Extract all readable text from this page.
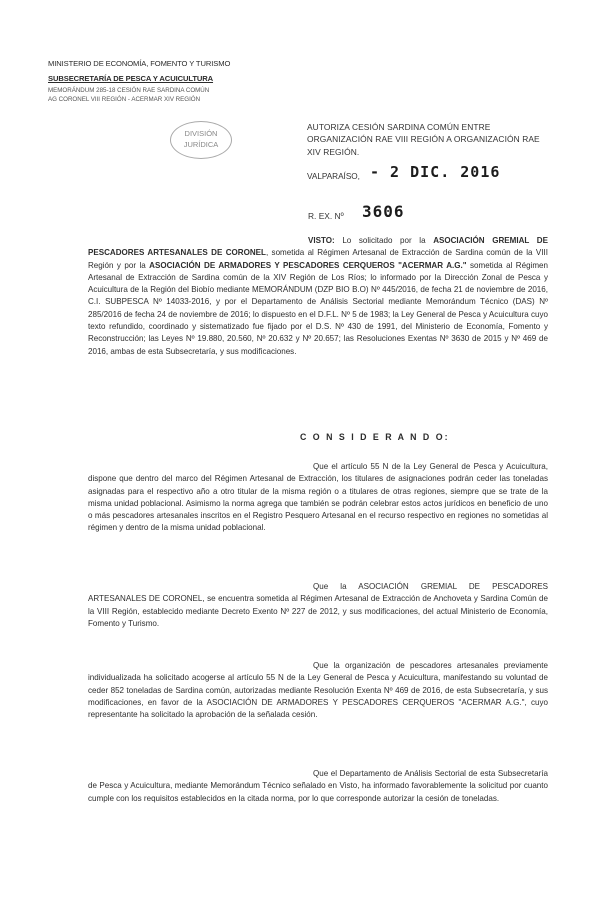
MINISTERIO DE ECONOMÍA, FOMENTO Y TURISMO
SUBSECRETARÍA DE PESCA Y ACUICULTURA
MEMORÁNDUM 285-18 CESIÓN RAE SARDINA COMÚN
AG CORONEL VIII REGIÓN - ACERMAR XIV REGIÓN
DIVISIÓN
JURÍDICA
AUTORIZA CESIÓN SARDINA COMÚN ENTRE ORGANIZACIÓN RAE VIII REGIÓN A ORGANIZACIÓN RAE XIV REGIÓN.
VALPARAÍSO, - 2 DIC. 2016
R. EX. Nº 3606
VISTO: Lo solicitado por la ASOCIACIÓN GREMIAL DE PESCADORES ARTESANALES DE CORONEL, sometida al Régimen Artesanal de Extracción de Sardina común de la VIII Región y por la ASOCIACIÓN DE ARMADORES Y PESCADORES CERQUEROS "ACERMAR A.G." sometida al Régimen Artesanal de Extracción de Sardina común de la XIV Región de Los Ríos; lo informado por la Dirección Zonal de Pesca y Acuicultura de la Región del Biobío mediante MEMORÁNDUM (DZP BIO B.O) Nº 445/2016, de fecha 21 de noviembre de 2016, C.I. SUBPESCA Nº 14033-2016, y por el Departamento de Análisis Sectorial mediante Memorándum Técnico (DAS) Nº 285/2016 de fecha 24 de noviembre de 2016; lo dispuesto en el D.F.L. Nº 5 de 1983; la Ley General de Pesca y Acuicultura cuyo texto refundido, coordinado y sistematizado fue fijado por el D.S. Nº 430 de 1991, del Ministerio de Economía, Fomento y Reconstrucción; las Leyes Nº 19.880, 20.560, Nº 20.632 y Nº 20.657; las Resoluciones Exentas Nº 3630 de 2015 y Nº 469 de 2016, ambas de esta Subsecretaría, y sus modificaciones.
C O N S I D E R A N D O:
Que el artículo 55 N de la Ley General de Pesca y Acuicultura, dispone que dentro del marco del Régimen Artesanal de Extracción, los titulares de asignaciones podrán ceder las toneladas asignadas para el respectivo año a otro titular de la misma región o a titulares de otras regiones, siempre que se trate de la misma unidad poblacional. Asimismo la norma agrega que también se podrán celebrar estos actos jurídicos en beneficio de uno o más pescadores artesanales inscritos en el Registro Pesquero Artesanal en el recurso respectivo en regiones no sometidas al régimen y dentro de la misma unidad poblacional.
Que la ASOCIACIÓN GREMIAL DE PESCADORES ARTESANALES DE CORONEL, se encuentra sometida al Régimen Artesanal de Extracción de Anchoveta y Sardina Común de la VIII Región, establecido mediante Decreto Exento Nº 227 de 2012, y sus modificaciones, del actual Ministerio de Economía, Fomento y Turismo.
Que la organización de pescadores artesanales previamente individualizada ha solicitado acogerse al artículo 55 N de la Ley General de Pesca y Acuicultura, manifestando su voluntad de ceder 852 toneladas de Sardina común, autorizadas mediante Resolución Exenta Nº 469 de 2016, de esta Subsecretaría, y sus modificaciones, en favor de la ASOCIACIÓN DE ARMADORES Y PESCADORES CERQUEROS "ACERMAR A.G.", cuyo representante ha solicitado la aprobación de la señalada cesión.
Que el Departamento de Análisis Sectorial de esta Subsecretaría de Pesca y Acuicultura, mediante Memorándum Técnico señalado en Visto, ha informado favorablemente la solicitud por cuanto cumple con los requisitos establecidos en la citada norma, por lo que corresponde autorizar la cesión de toneladas.
